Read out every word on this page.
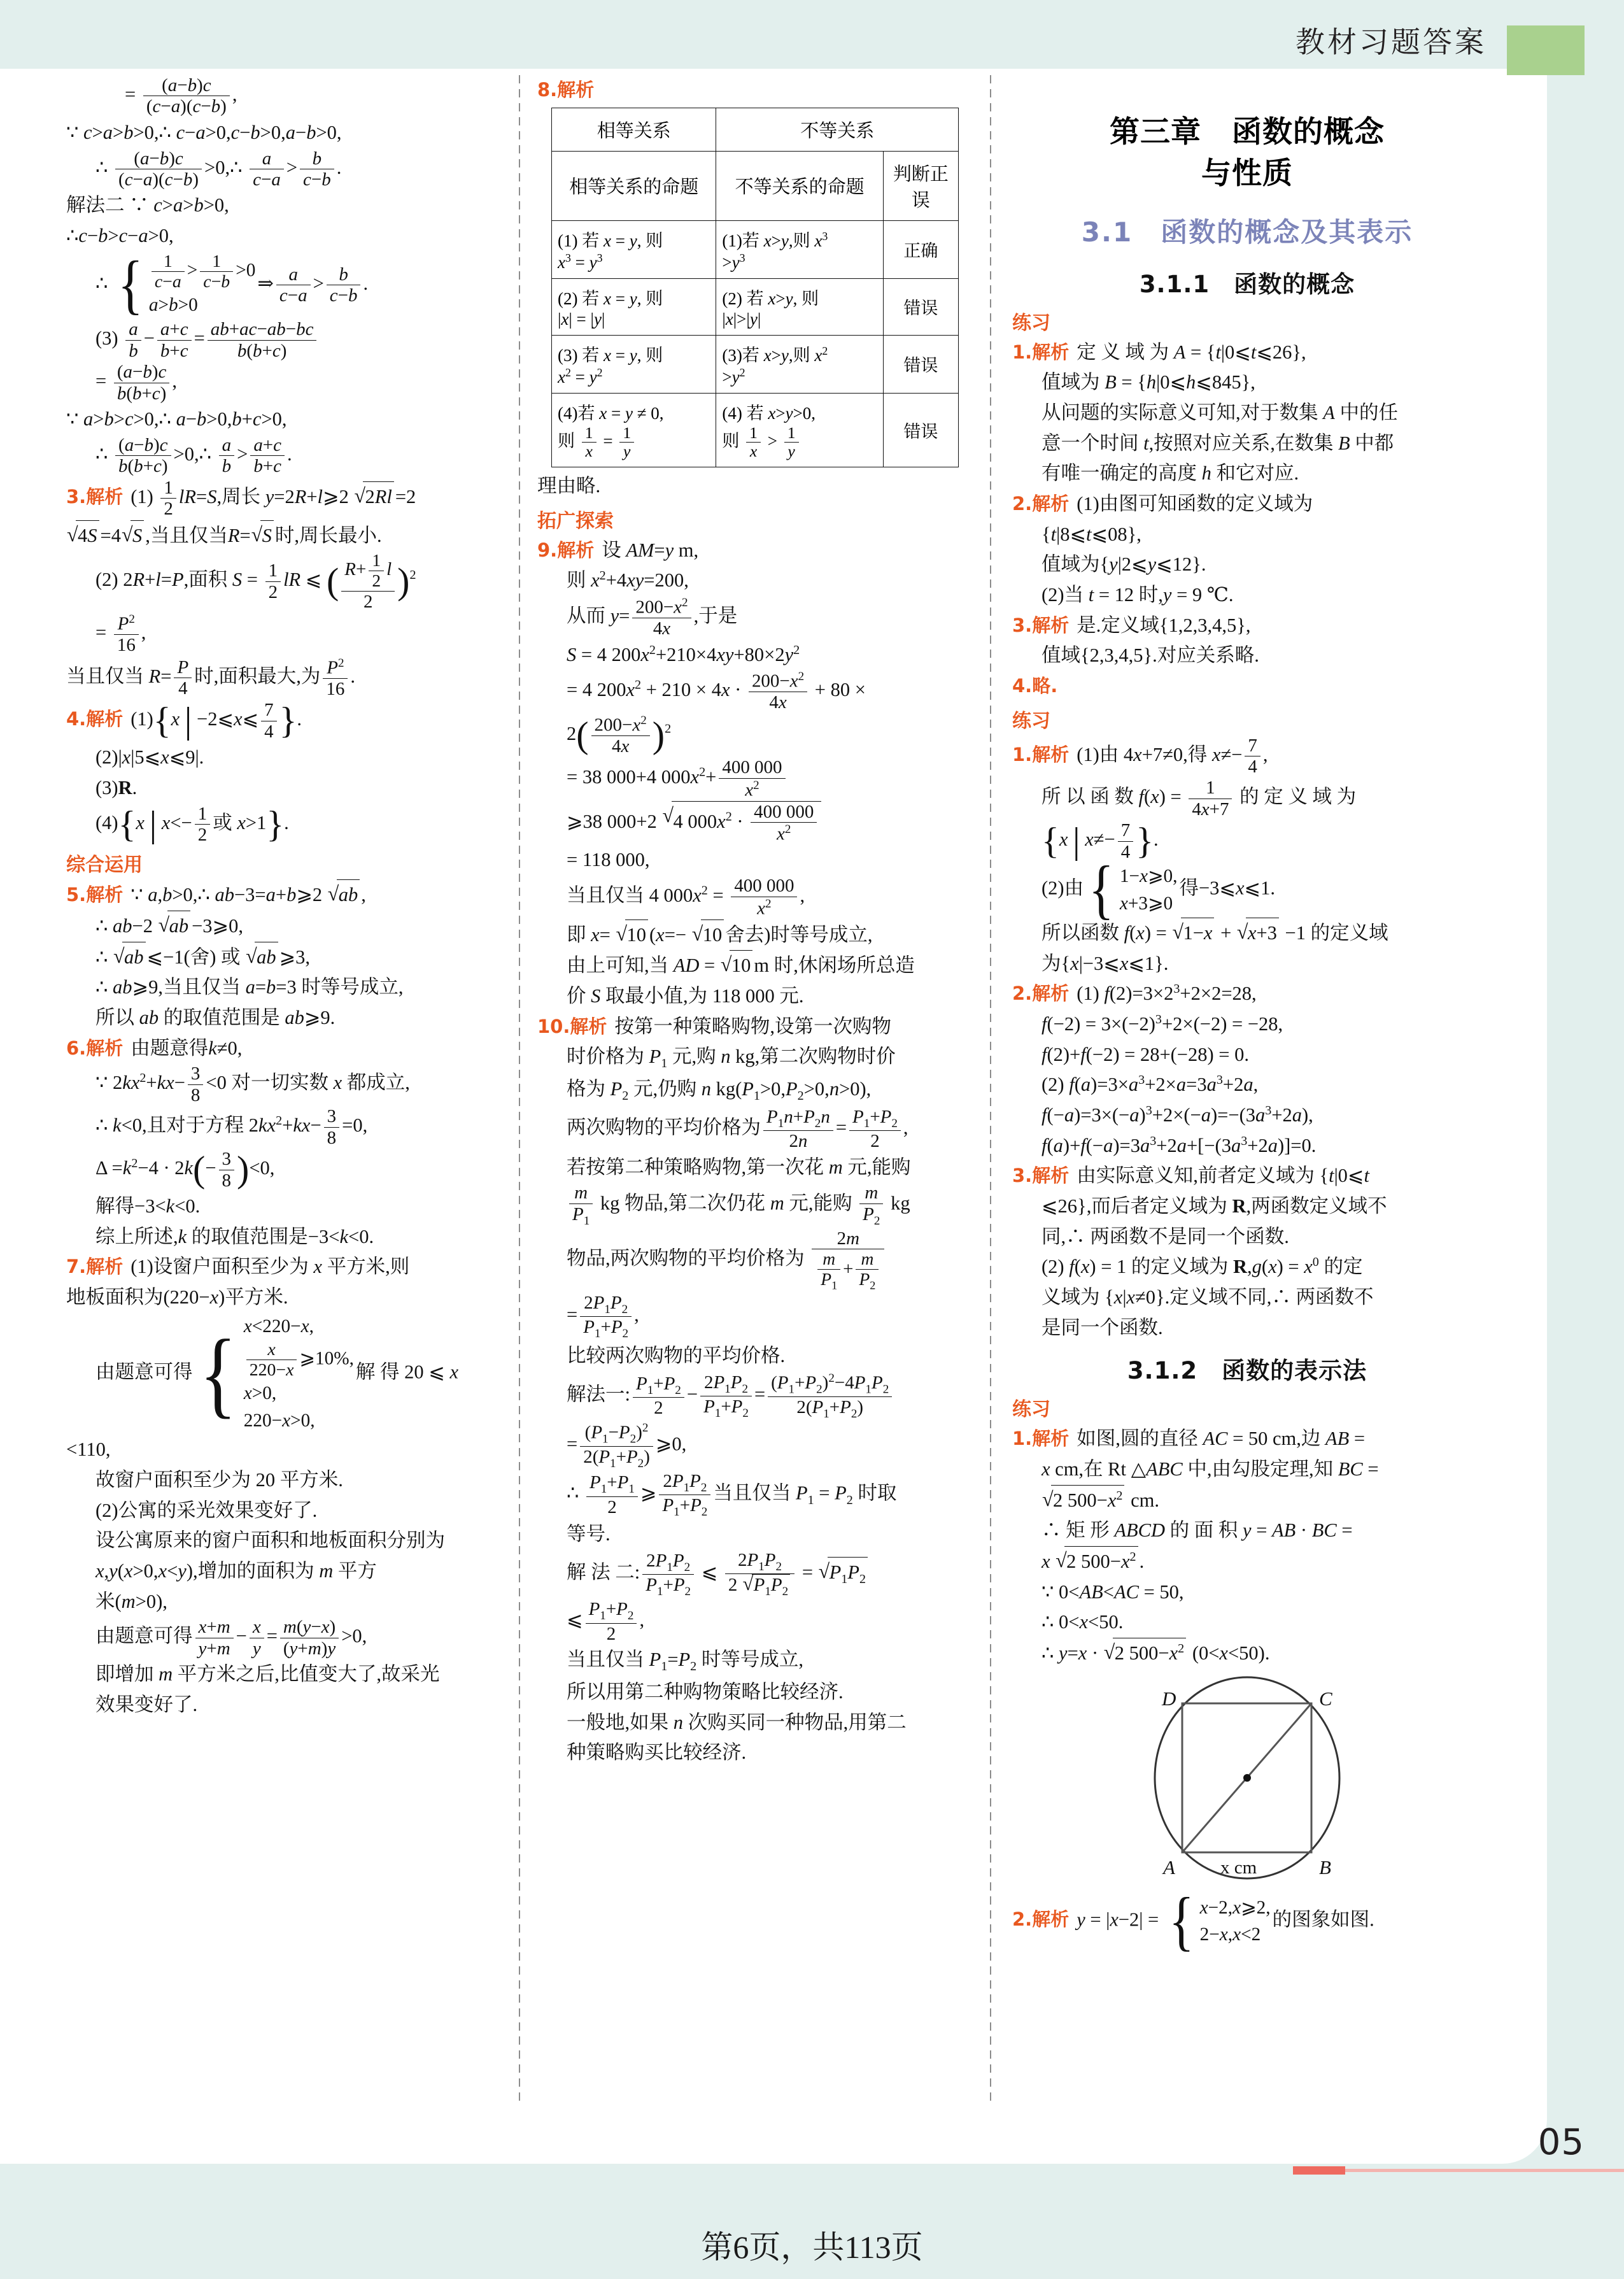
教材习题答案
05
第6页，共113页

= $\frac{(a-b)c}{(c-a)(c-b)}$ ,

∵ c>a>b>0,∴ c−a>0,c−b>0,a−b>0,

∴ $\frac{(a-b)c}{(c-a)(c-b)}$ >0,∴ $\frac{a}{c-a} > \frac{b}{c-b}$ .

解法二 ∵ c>a>b>0,

∴c−b>c−a>0,

∴ { $\frac{1}{c-a} > \frac{1}{c-b} >0$
a>b>0
⇒ $\frac{a}{c-a} > \frac{b}{c-b}$ .

$(3) \frac{a}{b} - \frac{a+c}{b+c} = \frac{ab+ac-ab-bc}{b(b+c)}$

= $\frac{(a-b)c}{b(b+c)}$ ,

∵ a>b>c>0,∴ a−b>0,b+c>0,

∴ $\frac{(a-b)c}{b(b+c)}$ >0,∴ $\frac{a}{b} > \frac{a+c}{b+c}$ .

3.解析 $(1) \frac{1}{2} lR=S$,周长 y=2R+l⩾2 √ 2Rl =2

√ 4S =4 √ S ,当且仅当R= √ S 时,周长最小.

(2) 2R+l=P,面积 $S = \frac{1}{2}$ lR ⩽ ( $\frac{R+ \frac{1}{2} l}{2} )^2$

= $\frac{P^2}{16}$ ,

当且仅当 $R= \frac{P}{4}$ 时,面积最大,为 $\frac{P^2}{16}$ .

4.解析 (1){x | −2⩽x⩽ $\frac{7}{4}$ }.

(2)|x|5⩽x⩽9|.

(3)R.

(4){x | $x<- \frac{1}{2}$ 或 x>1}.

综合运用

5.解析 ∵ a,b>0,∴ ab−3=a+b⩾2 √ ab ,

∴ ab−2 √ ab −3⩾0,

∴ √ ab ⩽−1(舍) 或 √ ab ⩾3,

∴ ab⩾9,当且仅当 a=b=3 时等号成立,

所以 ab 的取值范围是 ab⩾9.

6.解析 由题意得k≠0,

∵ $2kx^2+kx- \frac{3}{8} <0$ 对一切实数 x 都成立,

∴ k<0,且对于方程 $2kx^2+kx- \frac{3}{8} =0$,

$\Delta =k^2-4 \cdot 2k(- \frac{3}{8} )<0$,

解得−3<k<0.

综上所述,k 的取值范围是−3<k<0.

7.解析 (1)设窗户面积至少为 x 平方米,则

地板面积为(220−x)平方米.

由题意可得 { x<220−x,

$\frac{x}{220-x}$ ⩾10%,
x>0,
220−x>0,
解 得 20 ⩽ x

<110,

故窗户面积至少为 20 平方米.

(2)公寓的采光效果变好了.

设公寓原来的窗户面积和地板面积分别为

x,y(x>0,x<y),增加的面积为 m 平方

米(m>0),

由题意可得 $\frac{x+m}{y+m} - \frac{x}{y} = \frac{m(y-x)}{(y+m)y} >0$,

即增加 m 平方米之后,比值变大了,故采光

效果变好了.

8.解析

相等关系	不等关系	
相等关系的命题	不等关系的命题	判断正误
(1) 若 x = y, 则
$x^3 = y^3$	(1)若 x>y,则 $x^3$
$>y^3$	正确
(2) 若 x = y, 则
|x| = |y|	(2) 若 x>y, 则
|x|>|y|	错误
(3) 若 x = y, 则
$x^2 = y^2$	(3)若 x>y,则 $x^2$
$>y^2$	错误
(4)若 x = y ≠ 0,
则 $\frac{1}{x} = \frac{1}{y}$
	(4) 若 x>y>0,
则 $\frac{1}{x} > \frac{1}{y}$	错误

理由略.

拓广探索

9.解析 设 AM=y m,

则 $x^2+4xy=200$,

从而 $y= \frac{200-x^2}{4x}$ ,于是

S = 4 $200x^2+210\times 4xy+80\times 2y^2$

= 4 $200x^2 + 210 \times 4x \cdot \frac{200-x^2}{4x} + 80$ ×

$2( \frac{200-x^2}{4x} )^2$

= 38 000+4 $000x^2+ \frac{400 000}{x^2}$

⩾38 000+2 √ 4 $000x^2 \cdot \frac{400 000}{x^2}$

= 118 000,

当且仅当 4 $000x^2 = \frac{400 000}{x^2}$ ,

即 x= √ 10 (x=− √ 10 舍去)时等号成立,

由上可知,当 AD = √ 10 m 时,休闲场所总造

价 S 取最小值,为 118 000 元.

10.解析 按第一种策略购物,设第一次购物

时价格为 $P_1$ 元,购 n kg,第二次购物时价

格为 $P_2$ 元,仍购 n $kg(P_1>0,P_2>0,n>0)$,

两次购物的平均价格为 $\frac{P_1n+P_2n}{2n} = \frac{P_1+P_2}{2}$ ,

若按第二种策略购物,第一次花 m 元,能购

$\frac{m}{P_1}$ kg 物品,第二次仍花 m 元,能购 $\frac{m}{P_2}$ kg

物品,两次购物的平均价格为 $\frac{2m}{\frac{m}{P_1} + \frac{m}{P_2}}$

= $\frac{2P_1P_2}{P_1+P_2}$ ,

比较两次购物的平均价格.

解法一: $\frac{P_1+P_2}{2} - \frac{2P_1P_2}{P_1+P_2} = \frac{(P_1+P_2)^2-4P_1P_2}{2(P_1+P_2)}$

= $\frac{(P_1-P_2)^2}{2(P_1+P_2)}$ ⩾0,

∴ $\frac{P_1+P_1}{2}$ ⩾ $\frac{2P_1P_2}{P_1+P_2}$ 当且仅当 $P_1 = P_2$ 时取

等号.

解 法 二: $\frac{2P_1P_2}{P_1+P_2}$ ⩽ $\frac{2P_1P_2}{2 √ P_1P_2}$ = √ $P_1P_2$

⩽ $\frac{P_1+P_2}{2}$ ,

当且仅当 $P_1=P_2$ 时等号成立,

所以用第二种购物策略比较经济.

一般地,如果 n 次购买同一种物品,用第二

种策略购买比较经济.

第三章　函数的概念
与性质
3.1　函数的概念及其表示
3.1.1　函数的概念

练习

1.解析 定 义 域 为 A = {t|0⩽t⩽26},

值域为 B = {h|0⩽h⩽845},

从问题的实际意义可知,对于数集 A 中的任

意一个时间 t,按照对应关系,在数集 B 中都

有唯一确定的高度 h 和它对应.

2.解析 (1)由图可知函数的定义域为

{t|8⩽t⩽08},

值域为{y|2⩽y⩽12}.

(2)当 t = 12 时,y = 9 ℃.

3.解析 是.定义域{1,2,3,4,5},

值域{2,3,4,5}.对应关系略.

4.略.

练习

1.解析 (1)由 4x+7≠0,得 $x\ne- \frac{7}{4}$ ,

所 以 函 数 $f(x) = \frac{1}{4x+7}$ 的 定 义 域 为

{x | $x\ne- \frac{7}{4}$ }.

(2)由 { 1−x⩾0,
x+3⩾0
得−3⩽x⩽1.

所以函数 f(x) = √ 1−x + √ x+3 −1 的定义域

为{x|−3⩽x⩽1}.

2.解析 (1) $f(2)=3\times 2^3+2\times 2=28$,

$f(-2) = 3\times(-2)^3+2\times(-2) = -28$,

f(2)+f(−2) = 28+(−28) = 0.

(2) $f(a)=3\times a^3+2\times a=3a^3+2a$,

$f(-a)=3\times(-a)^3+2\times(-a)=-(3a^3+2a)$,

$f(a)+f(-a)=3a^3+2a+[-(3a^3+2a)]=0$.

3.解析 由实际意义知,前者定义域为 {t|0⩽t

⩽26},而后者定义域为 R,两函数定义域不

同,∴ 两函数不是同一个函数.

(2) f(x) = 1 的定义域为 $R,g(x) = x^0$ 的定

义域为 {x|x≠0}.定义域不同,∴ 两函数不

是同一个函数.

3.1.2　函数的表示法

练习

1.解析 如图,圆的直径 AC = 50 cm,边 AB =

x cm,在 Rt △ABC 中,由勾股定理,知 BC =

√ 2 $500-x^2$ cm.

∴ 矩 形 ABCD 的 面 积 y = AB · BC =

x √ 2 $500-x^2$ .

∵ 0<AB<AC = 50,

∴ 0<x<50.

∴ y=x · √ 2 $500-x^2$ (0<x<50).

D	C
A	B
x cm

2.解析 y = |x−2| = { x−2,x⩾2,
2−x,x<2
的图象如图.
